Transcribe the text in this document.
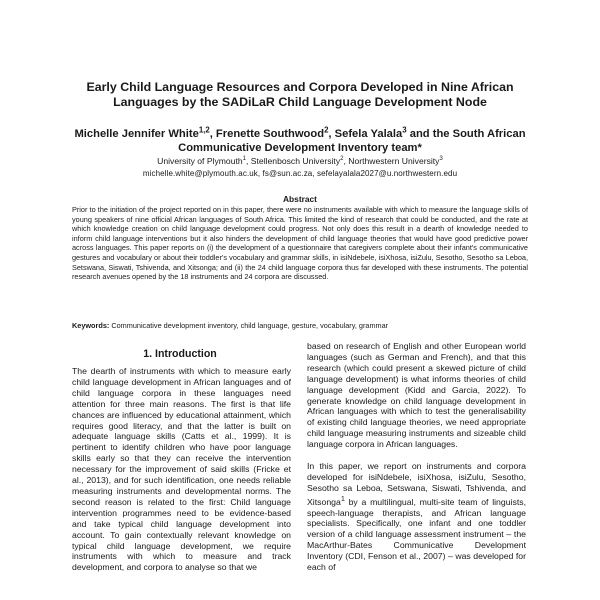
Early Child Language Resources and Corpora Developed in Nine African Languages by the SADiLaR Child Language Development Node
Michelle Jennifer White$^{1,2}$, Frenette Southwood$^2$, Sefela Yalala$^3$ and the South African Communicative Development Inventory team*
University of Plymouth$^1$, Stellenbosch University$^2$, Northwestern University$^3$
michelle.white@plymouth.ac.uk, fs@sun.ac.za, sefelayalala2027@u.northwestern.edu
Abstract
Prior to the initiation of the project reported on in this paper, there were no instruments available with which to measure the language skills of young speakers of nine official African languages of South Africa. This limited the kind of research that could be conducted, and the rate at which knowledge creation on child language development could progress. Not only does this result in a dearth of knowledge needed to inform child language interventions but it also hinders the development of child language theories that would have good predictive power across languages. This paper reports on (i) the development of a questionnaire that caregivers complete about their infant's communicative gestures and vocabulary or about their toddler's vocabulary and grammar skills, in isiNdebele, isiXhosa, isiZulu, Sesotho, Sesotho sa Leboa, Setswana, Siswati, Tshivenda, and Xitsonga; and (ii) the 24 child language corpora thus far developed with these instruments. The potential research avenues opened by the 18 instruments and 24 corpora are discussed.
Keywords: Communicative development inventory, child language, gesture, vocabulary, grammar
1. Introduction

The dearth of instruments with which to measure early child language development in African languages and of child language corpora in these languages need attention for three main reasons. The first is that life chances are influenced by educational attainment, which requires good literacy, and that the latter is built on adequate language skills (Catts et al., 1999). It is pertinent to identify children who have poor language skills early so that they can receive the intervention necessary for the improvement of said skills (Fricke et al., 2013), and for such identification, one needs reliable measuring instruments and developmental norms. The second reason is related to the first: Child language intervention programmes need to be evidence-based and take typical child language development into account. To gain contextually relevant knowledge on typical child language development, we require instruments with which to measure and track development, and corpora to analyse so that we

based on research of English and other European world languages (such as German and French), and that this research (which could present a skewed picture of child language development) is what informs theories of child language development (Kidd and Garcia, 2022). To generate knowledge on child language development in African languages with which to test the generalisability of existing child language theories, we need appropriate child language measuring instruments and sizeable child language corpora in African languages.

In this paper, we report on instruments and corpora developed for isiNdebele, isiXhosa, isiZulu, Sesotho, Sesotho sa Leboa, Setswana, Siswati, Tshivenda, and Xitsonga$^1$ by a multilingual, multi-site team of linguists, speech-language therapists, and African language specialists. Specifically, one infant and one toddler version of a child language assessment instrument – the MacArthur-Bates Communicative Development Inventory (CDI, Fenson et al., 2007) – was developed for each of
